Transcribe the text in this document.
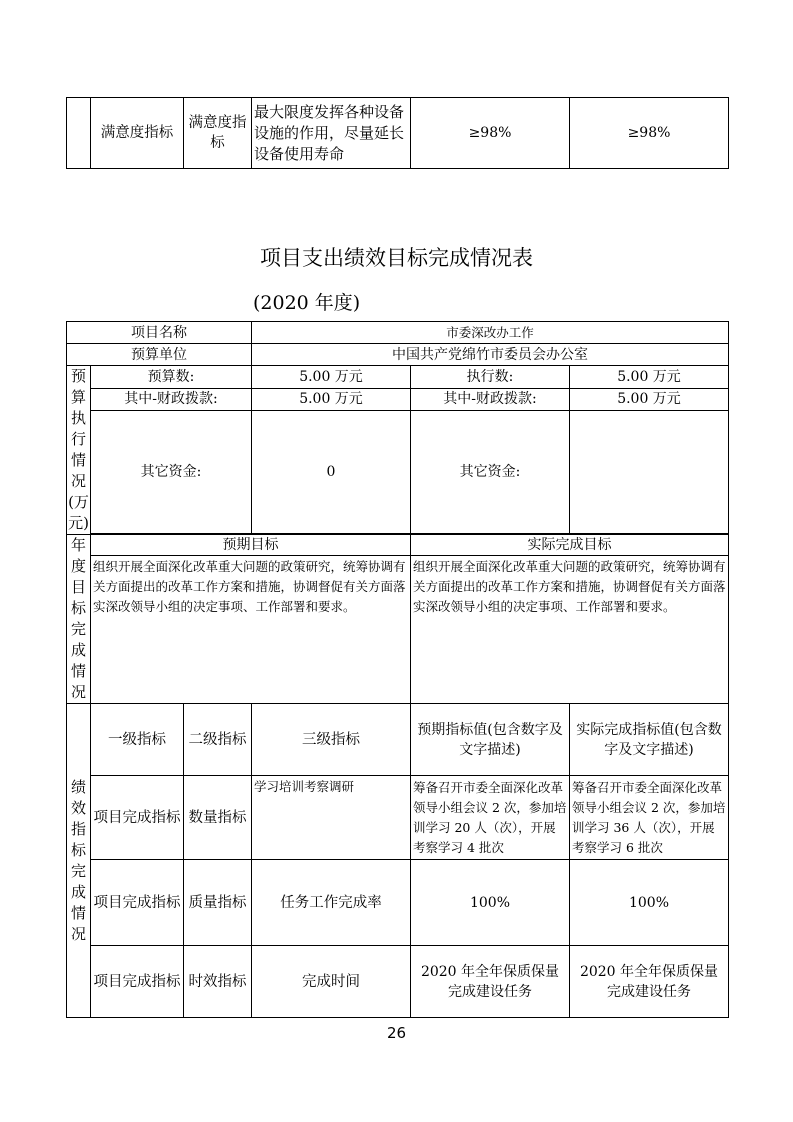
	满意度指标	满意度指标	最大限度发挥各种设备设施的作用，尽量延长设备使用寿命	≥98%	≥98%
项目支出绩效目标完成情况表
(2020 年度)
项目名称			市委深改办工作		
预算单位			中国共产党绵竹市委员会办公室		
预算执行情况(万元)	预算数:		5.00 万元	执行数:	5.00 万元
	其中-财政拨款:		5.00 万元	其中-财政拨款:	5.00 万元
	其它资金:		0	其它资金:	

年度目标完成情况	预期目标			实际完成目标	
	组织开展全面深化改革重大问题的政策研究，统筹协调有关方面提出的改革工作方案和措施，协调督促有关方面落实深改领导小组的决定事项、工作部署和要求。			组织开展全面深化改革重大问题的政策研究，统筹协调有关方面提出的改革工作方案和措施，协调督促有关方面落实深改领导小组的决定事项、工作部署和要求。	
绩效指标完成情况	一级指标	二级指标	三级指标	预期指标值(包含数字及文字描述)	实际完成指标值(包含数字及文字描述)
	项目完成指标	数量指标	学习培训考察调研	筹备召开市委全面深化改革领导小组会议 2 次，参加培训学习 20 人（次），开展考察学习 4 批次	筹备召开市委全面深化改革领导小组会议 2 次，参加培训学习 36 人（次），开展考察学习 6 批次
	项目完成指标	质量指标	任务工作完成率	100%	100%
	项目完成指标	时效指标	完成时间	2020 年全年保质保量完成建设任务	2020 年全年保质保量完成建设任务
26
